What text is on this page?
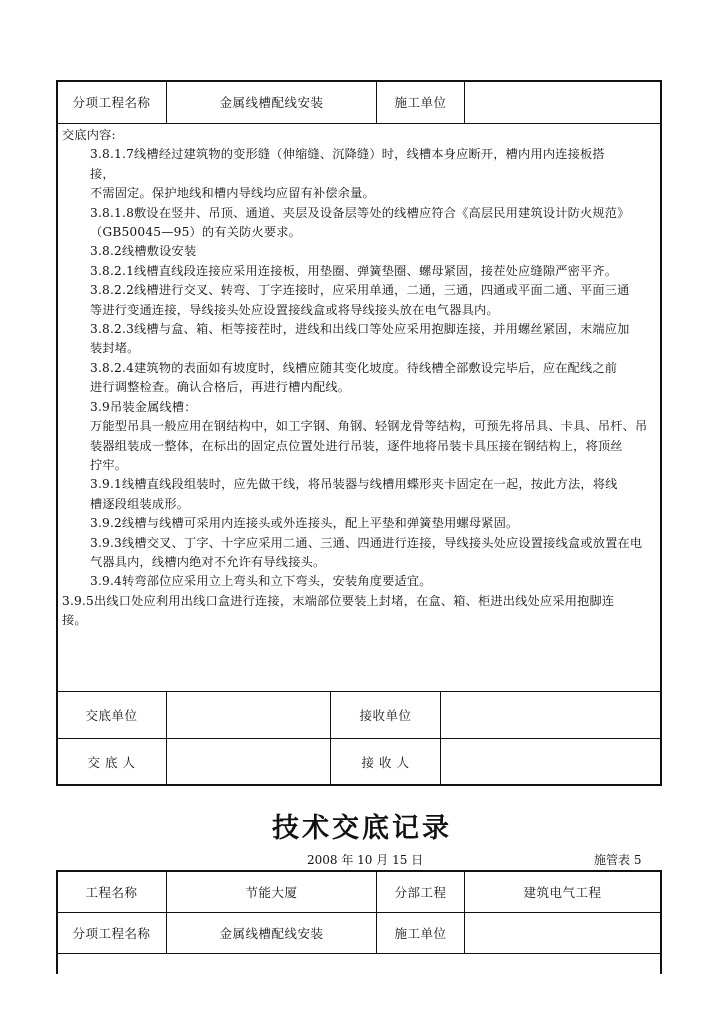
分项工程名称	金属线槽配线安装	施工单位
交底内容:
3.8.1.7线槽经过建筑物的变形缝（伸缩缝、沉降缝）时，线槽本身应断开，槽内用内连接板搭
接，
不需固定。保护地线和槽内导线均应留有补偿余量。
3.8.1.8敷设在竖井、吊顶、通道、夹层及设备层等处的线槽应符合《高层民用建筑设计防火规范》
（GB50045—95）的有关防火要求。
3.8.2线槽敷设安装
3.8.2.1线槽直线段连接应采用连接板，用垫圈、弹簧垫圈、螺母紧固，接茬处应缝隙严密平齐。
3.8.2.2线槽进行交叉、转弯、丁字连接时，应采用单通，二通，三通，四通或平面二通、平面三通
等进行变通连接，导线接头处应设置接线盒或将导线接头放在电气器具内。
3.8.2.3线槽与盒、箱、柜等接茬时，进线和出线口等处应采用抱脚连接，并用螺丝紧固，末端应加
装封堵。
3.8.2.4建筑物的表面如有坡度时，线槽应随其变化坡度。待线槽全部敷设完毕后，应在配线之前
进行调整检查。确认合格后，再进行槽内配线。
3.9吊装金属线槽：
万能型吊具一般应用在钢结构中，如工字钢、角钢、轻钢龙骨等结构，可预先将吊具、卡具、吊杆、吊
装器组装成一整体，在标出的固定点位置处进行吊装，逐件地将吊装卡具压接在钢结构上，将顶丝
拧牢。
3.9.1线槽直线段组装时，应先做干线，将吊装器与线槽用蝶形夹卡固定在一起，按此方法，将线
槽逐段组装成形。
3.9.2线槽与线槽可采用内连接头或外连接头，配上平垫和弹簧垫用螺母紧固。
3.9.3线槽交叉、丁字、十字应采用二通、三通、四通进行连接，导线接头处应设置接线盒或放置在电
气器具内，线槽内绝对不允许有导线接头。
3.9.4转弯部位应采用立上弯头和立下弯头，安装角度要适宜。
3.9.5出线口处应利用出线口盒进行连接，末端部位要装上封堵，在盒、箱、柜进出线处应采用抱脚连
接。
交底单位	接收单位
交 底 人	接 收 人
技术交底记录
2008 年 10 月 15 日	施管表 5
工程名称	节能大厦	分部工程	建筑电气工程
分项工程名称	金属线槽配线安装	施工单位
